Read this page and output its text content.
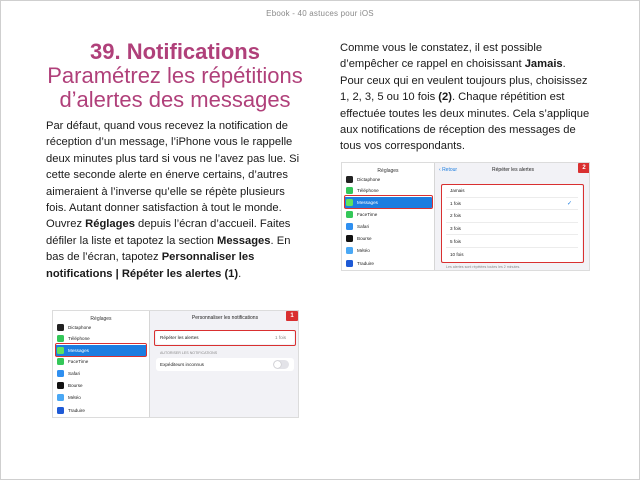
Ebook - 40 astuces pour iOS
39. Notifications
Paramétrez les répétitions
d’alertes des messages

Par défaut, quand vous recevez la notification de réception d’un message, l’iPhone vous le rappelle deux minutes plus tard si vous ne l’avez pas lue. Si cette seconde alerte en énerve certains, d’autres aimeraient à l’inverse qu’elle se répète plusieurs fois. Autant donner satisfaction à tout le monde. Ouvrez Réglages depuis l’écran d’accueil. Faites défiler la liste et tapotez la section Messages. En bas de l’écran, tapotez Personnaliser les notifications | Répéter les alertes (1).

Comme vous le constatez, il est possible d’empêcher ce rappel en choisissant Jamais. Pour ceux qui en veulent toujours plus, choisissez 1, 2, 3, 5 ou 10 fois (2). Chaque répétition est effectuée toutes les deux minutes. Cela s’applique aux notifications de réception des messages de tous vos correspondants.

Réglages
Dictaphone
Téléphone
Messages
FaceTime
Safari
Bourse
Météo
Traduire
Personnaliser les notifications
Répéter les alertes	1 fois
AUTORISER LES NOTIFICATIONS
Expéditeurs inconnus
1
Réglages
Dictaphone
Téléphone
Messages
FaceTime
Safari
Bourse
Météo
Traduire
‹ Retour	Répéter les alertes
Jamais
1 fois	✓
2 fois
3 fois
5 fois
10 fois
Les alertes sont répétées toutes les 2 minutes.
2
